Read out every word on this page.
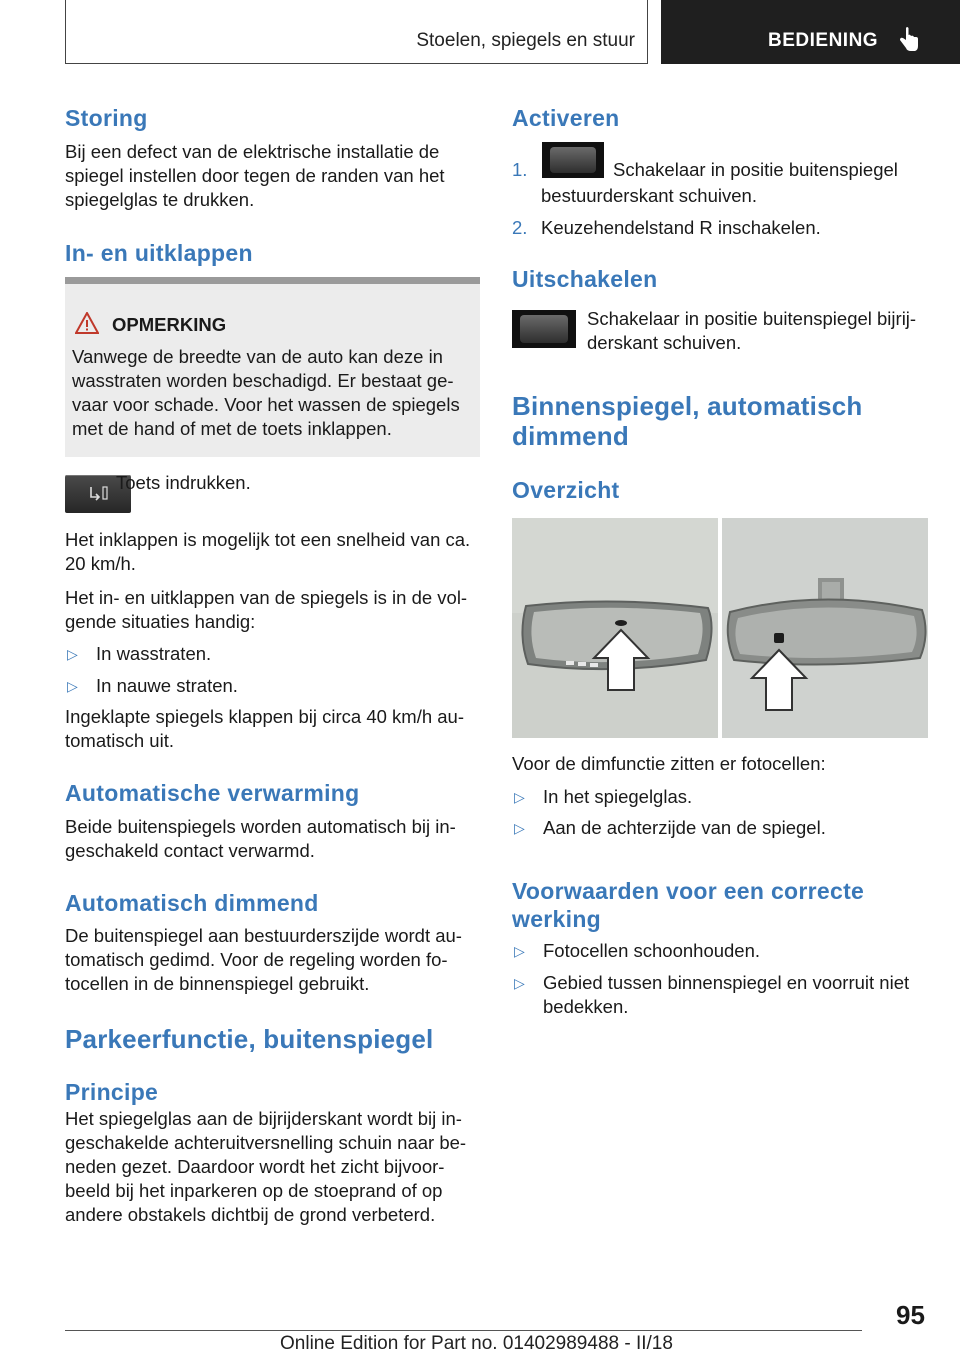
Stoelen, spiegels en stuur	BEDIENING
Storing

Bij een defect van de elektrische installatie de

spiegel instellen door tegen de randen van het

spiegelglas te drukken.

In- en uitklappen
OPMERKING

Vanwege de breedte van de auto kan deze in

wasstraten worden beschadigd. Er bestaat ge-

vaar voor schade. Voor het wassen de spiegels

met de hand of met de toets inklappen.

Toets indrukken.

Het inklappen is mogelijk tot een snelheid van ca.

20 km/h.

Het in- en uitklappen van de spiegels is in de vol-

gende situaties handig:

▷ In wasstraten.
▷ In nauwe straten.

Ingeklapte spiegels klappen bij circa 40 km/h au-

tomatisch uit.

Automatische verwarming

Beide buitenspiegels worden automatisch bij in-

geschakeld contact verwarmd.

Automatisch dimmend

De buitenspiegel aan bestuurderszijde wordt au-

tomatisch gedimd. Voor de regeling worden fo-

tocellen in de binnenspiegel gebruikt.

Parkeerfunctie, buitenspiegel
Principe

Het spiegelglas aan de bijrijderskant wordt bij in-

geschakelde achteruitversnelling schuin naar be-

neden gezet. Daardoor wordt het zicht bijvoor-

beeld bij het inparkeren op de stoeprand of op

andere obstakels dichtbij de grond verbeterd.

Activeren
1.	Schakelaar in positie buitenspiegel
bestuurderskant schuiven.
2. Keuzehendelstand R inschakelen.
Uitschakelen

Schakelaar in positie buitenspiegel bijrij-

derskant schuiven.

Binnenspiegel, automatisch
dimmend
Overzicht

Voor de dimfunctie zitten er fotocellen:

▷ In het spiegelglas.
▷ Aan de achterzijde van de spiegel.
Voorwaarden voor een correcte
werking
▷ Fotocellen schoonhouden.
▷ Gebied tussen binnenspiegel en voorruit niet
bedekken.
95
Online Edition for Part no. 01402989488 - II/18
